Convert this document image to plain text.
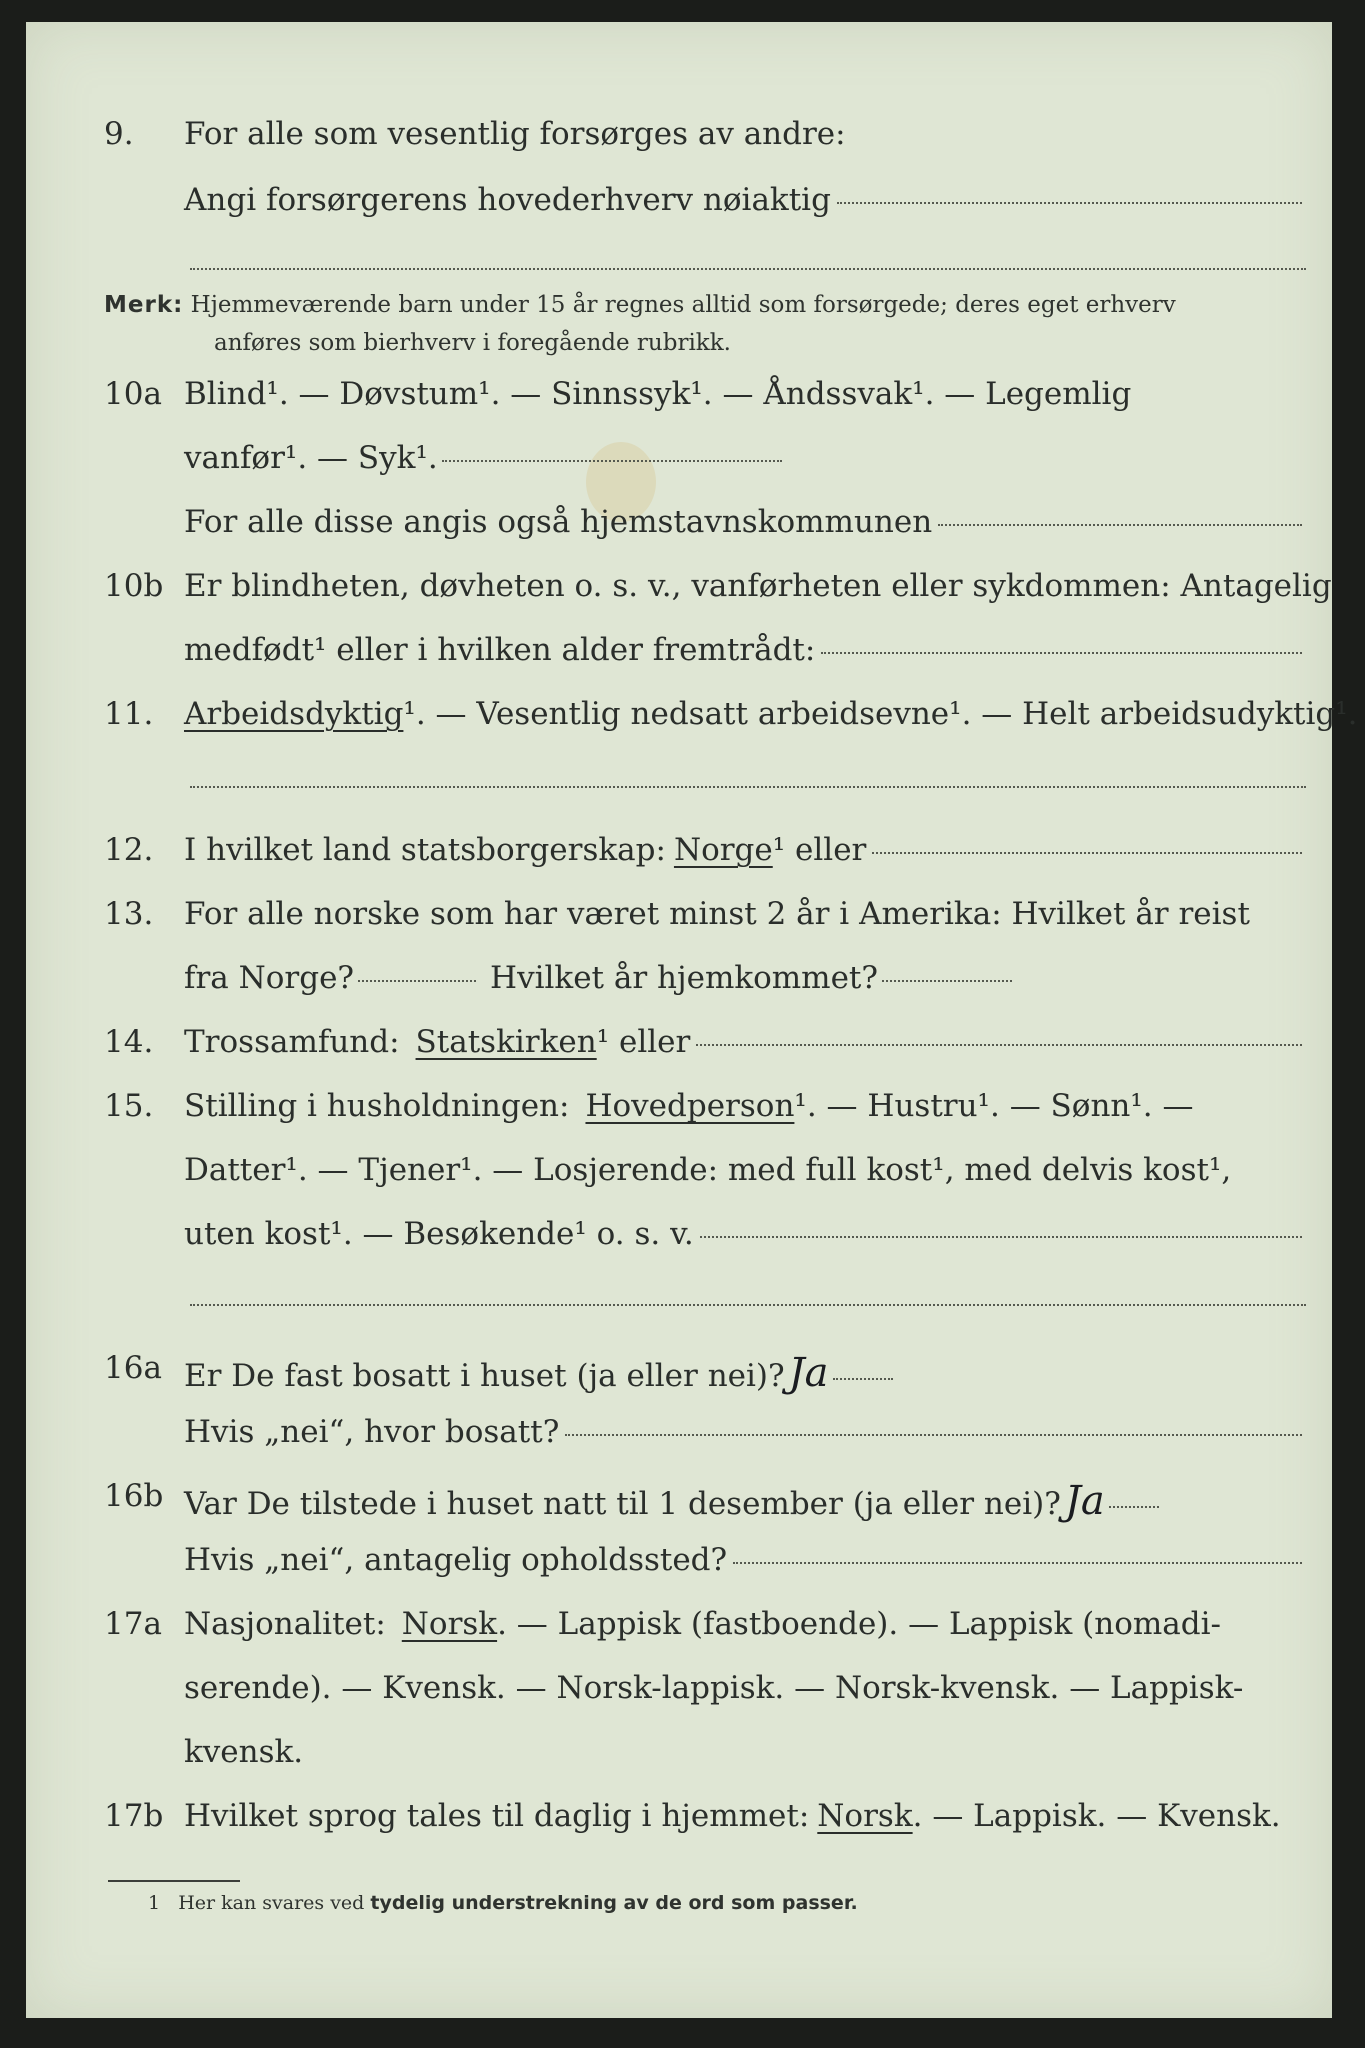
9. For alle som vesentlig forsørges av andre:
Angi forsørgerens hovederhverv nøiaktig
Merk: Hjemmeværende barn under 15 år regnes alltid som forsørgede; deres eget erhverv
anføres som bierhverv i foregående rubrikk.
10a Blind¹. — Døvstum¹. — Sinnssyk¹. — Åndssvak¹. — Legemlig
vanfør¹. — Syk¹.
For alle disse angis også hjemstavnskommunen
10b Er blindheten, døvheten o. s. v., vanførheten eller sykdommen: Antagelig
medfødt¹ eller i hvilken alder fremtrådt:
11. Arbeidsdyktig ¹. — Vesentlig nedsatt arbeidsevne¹. — Helt arbeidsudyktig¹.
12. I hvilket land statsborgerskap: Norge ¹ eller
13. For alle norske som har været minst 2 år i Amerika: Hvilket år reist
fra Norge?	Hvilket år hjemkommet?
14. Trossamfund: Statskirken ¹ eller
15. Stilling i husholdningen: Hovedperson¹. — Hustru¹. — Sønn¹. —
Datter¹. — Tjener¹. — Losjerende: med full kost¹, med delvis kost¹,
uten kost¹. — Besøkende¹ o. s. v.
16a Er De fast bosatt i huset (ja eller nei)? Ja
Hvis „nei“, hvor bosatt?
16b Var De tilstede i huset natt til 1 desember (ja eller nei)? Ja
Hvis „nei“, antagelig opholdssted?
17a Nasjonalitet: Norsk. — Lappisk (fastboende). — Lappisk (nomadi-
serende). — Kvensk. — Norsk-lappisk. — Norsk-kvensk. — Lappisk-
kvensk.
17b Hvilket sprog tales til daglig i hjemmet: Norsk. — Lappisk. — Kvensk.
1 Her kan svares ved tydelig understrekning av de ord som passer.
